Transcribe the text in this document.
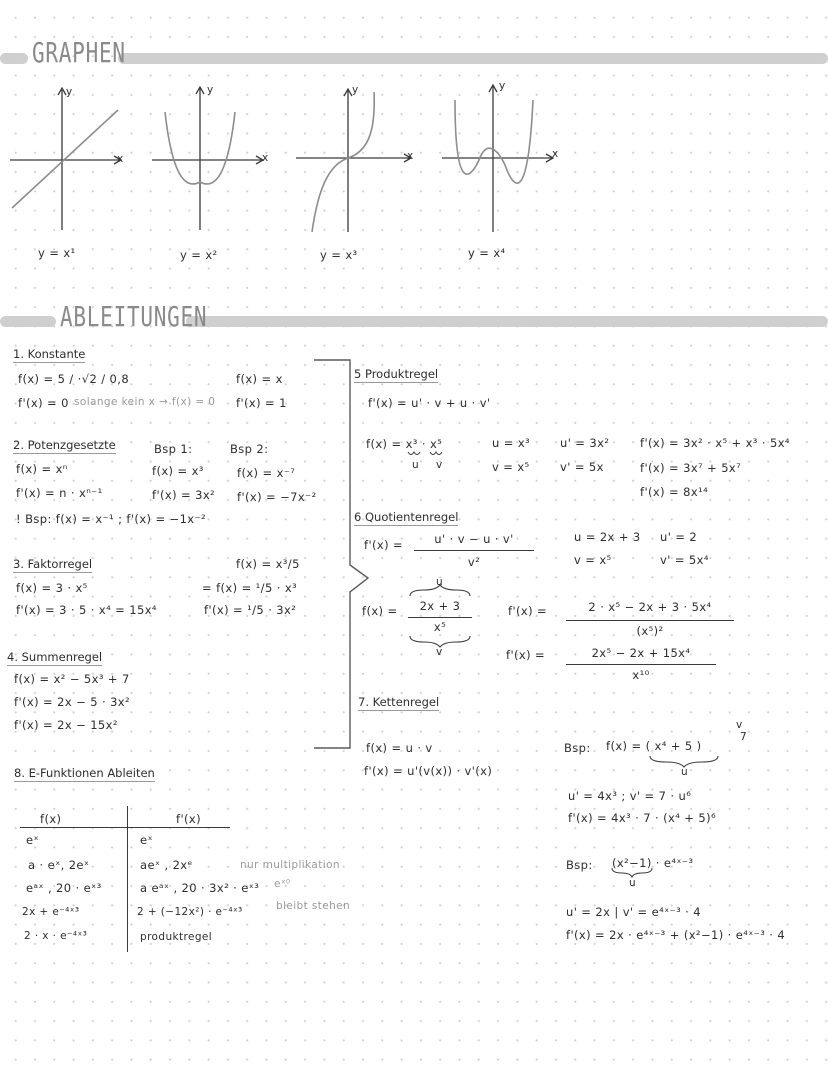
GRAPHEN
y
x
y = x¹
y
x
y = x²
y
x
y = x³
y
x
y = x⁴
ABLEITUNGEN
1. Konstante
f(x) = 5 / ·√2 / 0,8
f'(x) = 0 solange kein x → f(x) = 0
f(x) = x
f'(x) = 1
2. Potenzgesetzte
f(x) = xⁿ
f'(x) = n · xⁿ⁻¹
Bsp 1:
f(x) = x³
f'(x) = 3x²
Bsp 2:
f(x) = x⁻⁷
f'(x) = −7x⁻²
! Bsp: f(x) = x⁻¹ ; f'(x) = −1x⁻²
3. Faktorregel
f(x) = 3 · x⁵
f'(x) = 3 · 5 · x⁴ = 15x⁴
f(x) = x³/5
= f(x) = ¹/5 · x³
f'(x) = ¹/5 · 3x²
4. Summenregel
f(x) = x² − 5x³ + 7
f'(x) = 2x − 5 · 3x²
f'(x) = 2x − 15x²
5 Produktregel
f'(x) = u' · v + u · v'
f(x) = x³ · x⁵
u v
u = x³
v = x⁵
u' = 3x²
v' = 5x
f'(x) = 3x² · x⁵ + x³ · 5x⁴
f'(x) = 3x⁷ + 5x⁷
f'(x) = 8x¹⁴
6 Quotientenregel
f'(x) =	u' · v − u · v'
v²
u = 2x + 3 u' = 2
v = x⁵	v' = 5x⁴
u
f(x) =	2x + 3
x⁵
v
f'(x) =	2 · x⁵ − 2x + 3 · 5x⁴
(x⁵)²
f'(x) =	2x⁵ − 2x + 15x⁴
x¹⁰
7. Kettenregel
f(x) = u · v
f'(x) = u'(v(x)) · v'(x)
Bsp: f(x) = ( x⁴ + 5 )
7
v
u
u' = 4x³ ; v' = 7 · u⁶
f'(x) = 4x³ · 7 · (x⁴ + 5)⁶
Bsp: (x²−1) · e⁴ˣ⁻³
u
u' = 2x | v' = e⁴ˣ⁻³ · 4
f'(x) = 2x · e⁴ˣ⁻³ + (x²−1) · e⁴ˣ⁻³ · 4
8. E-Funktionen Ableiten
f(x)	f'(x)
eˣ	eˣ
a · eˣ, 2eˣ	aeˣ , 2xᵉ
eᵃˣ , 20 · eˣ³	a eᵃˣ , 20 · 3x² · eˣ³
2x + e⁻⁴ˣ³	2 + (−12x²) · e⁻⁴ˣ³
2 · x · e⁻⁴ˣ³	produktregel
nur multiplikation
eˣ⁰
bleibt stehen
